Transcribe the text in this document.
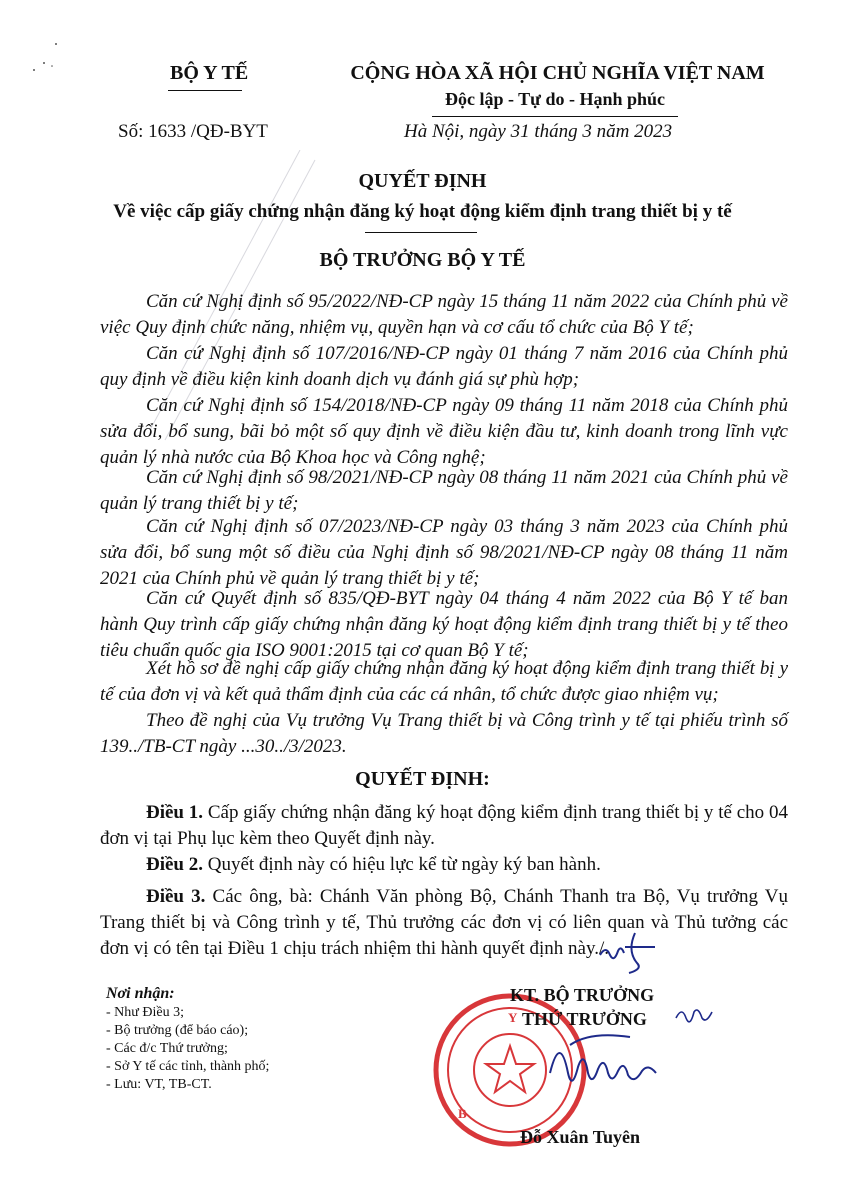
BỘ Y TẾ	CỘNG HÒA XÃ HỘI CHỦ NGHĨA VIỆT NAM
Độc lập - Tự do - Hạnh phúc
Số: 1633 /QĐ-BYT	Hà Nội, ngày 31 tháng 3 năm 2023
QUYẾT ĐỊNH
Về việc cấp giấy chứng nhận đăng ký hoạt động kiểm định trang thiết bị y tế
BỘ TRƯỞNG BỘ Y TẾ
Căn cứ Nghị định số 95/2022/NĐ-CP ngày 15 tháng 11 năm 2022 của Chính phủ về việc Quy định chức năng, nhiệm vụ, quyền hạn và cơ cấu tổ chức của Bộ Y tế;
Căn cứ Nghị định số 107/2016/NĐ-CP ngày 01 tháng 7 năm 2016 của Chính phủ quy định về điều kiện kinh doanh dịch vụ đánh giá sự phù hợp;
Căn cứ Nghị định số 154/2018/NĐ-CP ngày 09 tháng 11 năm 2018 của Chính phủ sửa đổi, bổ sung, bãi bỏ một số quy định về điều kiện đầu tư, kinh doanh trong lĩnh vực quản lý nhà nước của Bộ Khoa học và Công nghệ;
Căn cứ Nghị định số 98/2021/NĐ-CP ngày 08 tháng 11 năm 2021 của Chính phủ về quản lý trang thiết bị y tế;
Căn cứ Nghị định số 07/2023/NĐ-CP ngày 03 tháng 3 năm 2023 của Chính phủ sửa đổi, bổ sung một số điều của Nghị định số 98/2021/NĐ-CP ngày 08 tháng 11 năm 2021 của Chính phủ về quản lý trang thiết bị y tế;
Căn cứ Quyết định số 835/QĐ-BYT ngày 04 tháng 4 năm 2022 của Bộ Y tế ban hành Quy trình cấp giấy chứng nhận đăng ký hoạt động kiểm định trang thiết bị y tế theo tiêu chuẩn quốc gia ISO 9001:2015 tại cơ quan Bộ Y tế;
Xét hồ sơ đề nghị cấp giấy chứng nhận đăng ký hoạt động kiểm định trang thiết bị y tế của đơn vị và kết quả thẩm định của các cá nhân, tổ chức được giao nhiệm vụ;
Theo đề nghị của Vụ trưởng Vụ Trang thiết bị và Công trình y tế tại phiếu trình số 139../TB-CT ngày ...30../3/2023.
QUYẾT ĐỊNH:
Điều 1. Cấp giấy chứng nhận đăng ký hoạt động kiểm định trang thiết bị y tế cho 04 đơn vị tại Phụ lục kèm theo Quyết định này.
Điều 2. Quyết định này có hiệu lực kể từ ngày ký ban hành.
Điều 3. Các ông, bà: Chánh Văn phòng Bộ, Chánh Thanh tra Bộ, Vụ trưởng Vụ Trang thiết bị và Công trình y tế, Thủ trưởng các đơn vị có liên quan và Thủ tưởng các đơn vị có tên tại Điều 1 chịu trách nhiệm thi hành quyết định này./.
Nơi nhận:
- Như Điều 3;
- Bộ trưởng (để báo cáo);
- Các đ/c Thứ trưởng;
- Sở Y tế các tỉnh, thành phố;
- Lưu: VT, TB-CT.
Y
B
KT. BỘ TRƯỞNG
THỨ TRƯỞNG
Đỗ Xuân Tuyên
